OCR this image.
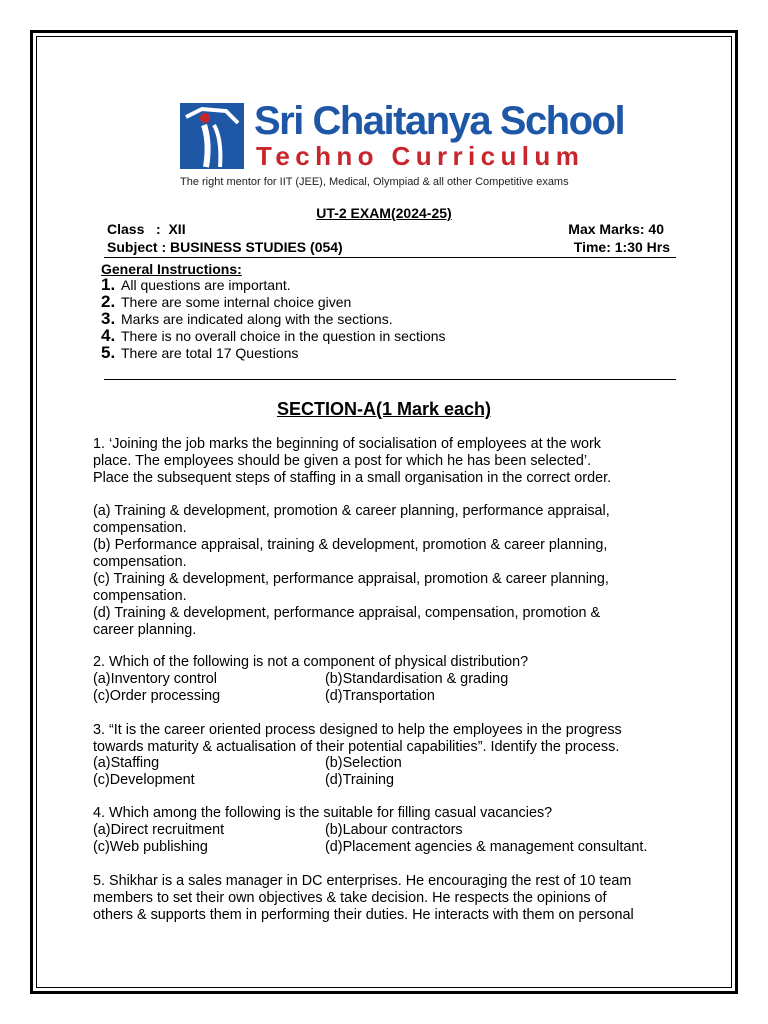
Sri Chaitanya School
Techno Curriculum
The right mentor for IIT (JEE), Medical, Olympiad & all other Competitive exams
UT-2 EXAM(2024-25)
Class   :  XII	Max Marks: 40
Subject : BUSINESS STUDIES (054)	Time: 1:30 Hrs
General Instructions:
1. All questions are important.
2. There are some internal choice given
3. Marks are indicated along with the sections.
4. There is no overall choice in the question in sections
5. There are total 17 Questions
SECTION-A(1 Mark each)
1. ‘Joining the job marks the beginning of socialisation of employees at the work
place. The employees should be given a post for which he has been selected’.
Place the subsequent steps of staffing in a small organisation in the correct order.
(a) Training & development, promotion & career planning, performance appraisal,
compensation.
(b) Performance appraisal, training & development, promotion & career planning,
compensation.
(c) Training & development, performance appraisal, promotion & career planning,
compensation.
(d) Training & development, performance appraisal, compensation, promotion &
career planning.
2. Which of the following is not a component of physical distribution?
(a)Inventory control	(b)Standardisation & grading
(c)Order processing	(d)Transportation
3. “It is the career oriented process designed to help the employees in the progress
towards maturity & actualisation of their potential capabilities”. Identify the process.
(a)Staffing	(b)Selection
(c)Development	(d)Training
4. Which among the following is the suitable for filling casual vacancies?
(a)Direct recruitment	(b)Labour contractors
(c)Web publishing	(d)Placement agencies & management consultant.
5. Shikhar is a sales manager in DC enterprises. He encouraging the rest of 10 team
members to set their own objectives & take decision. He respects the opinions of
others & supports them in performing their duties. He interacts with them on personal
